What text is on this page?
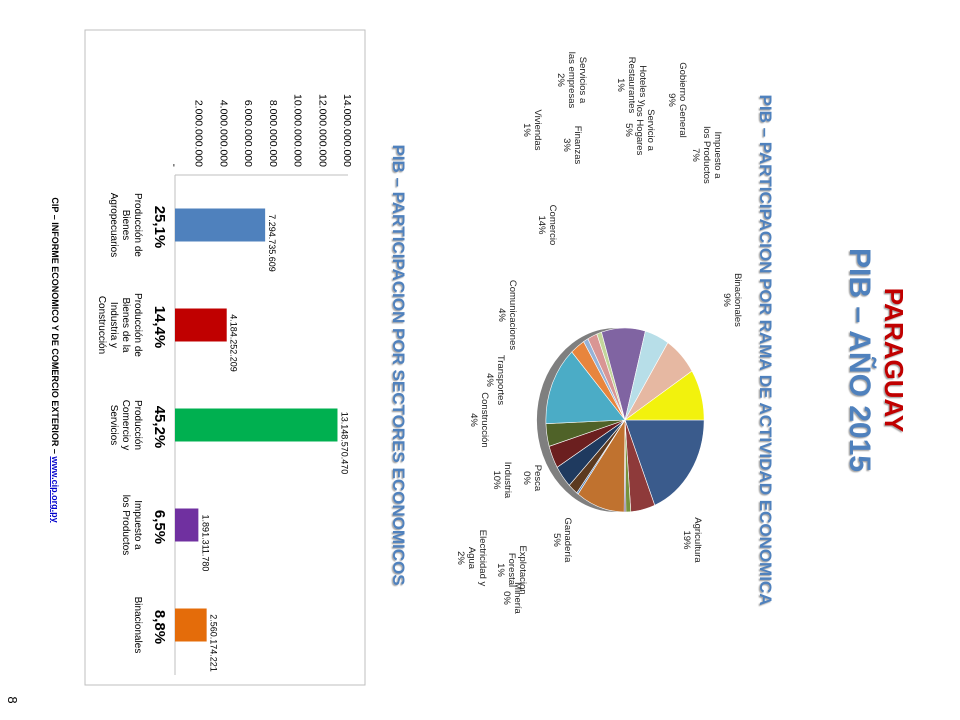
PARAGUAY
PIB – AÑO 2015
PIB – PARTICIPACION POR RAMA DE ACTIVIDAD ECONOMICA
Agricultura19%
Ganadería5%
ExplotacionForestal1%
Pesca0%
Industria10%
Minería0%
Electricidad yAgua2%
Construcción4%
Transportes4%
Comunicaciones4%
Comercio14%
Finanzas3%
Viviendas1%
Servicios alas empresas2%	Hoteles yRestaurantes1%	Gobierno General9%
Servicio alos Hogares5%
Impuesto alos Productos7%
Binacionales9%
PIB – PARTICIPACION POR SECTORES ECONOMICOS
- 2.000.000.000 4.000.000.000 6.000.000.000 8.000.000.000 10.000.000.000 12.000.000.000 14.000.000.000
7.294.735.609
25,1%
4.184.252.209
14,4%
13.148.570.470
45,2%
1.891.311.780
6,5%
2.560.174.221
8,8%
Producción deBienesAgropecuarios
Producción deBienes de laIndustria yConstrucción
ProducciónComercio yServicios
Impuesto alos Productos
Binacionales
CIP – INFORME ECONOMICO Y DE COMERCIO EXTERIOR – www.cip.org.py
8
